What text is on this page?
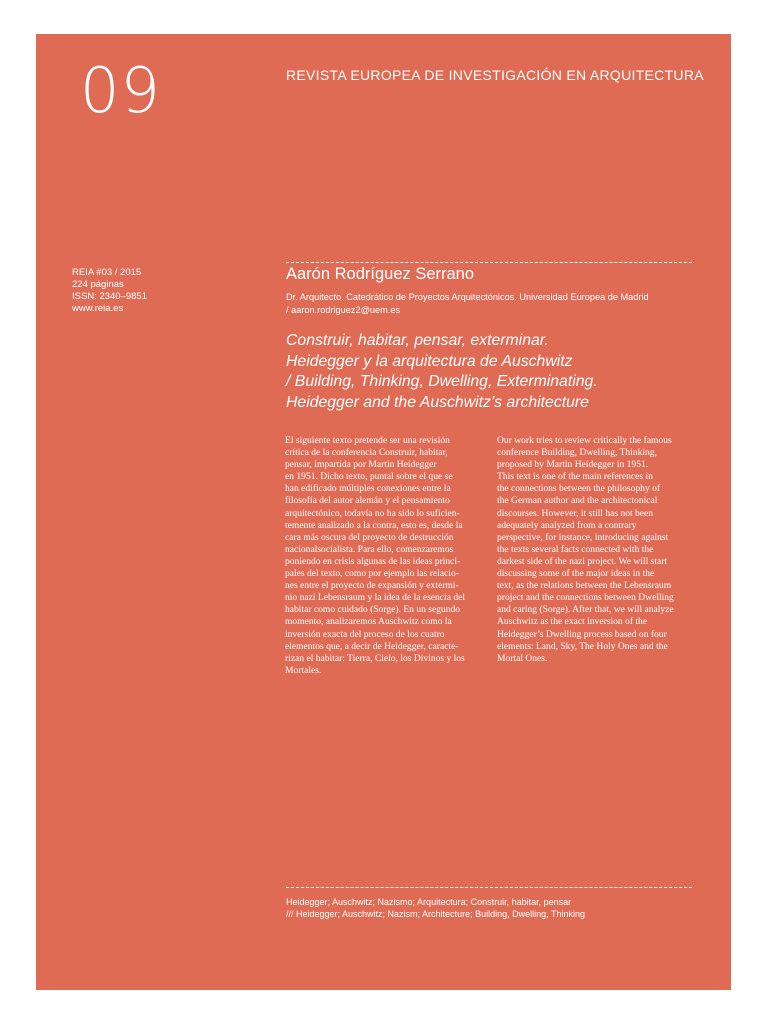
09	REVISTA EUROPEA DE INVESTIGACIÓN EN ARQUITECTURA
REIA #03 / 2015
224 páginas
ISSN: 2340–9851
www.reia.es
Aarón Rodríguez Serrano
Dr. Arquitecto. Catedrático de Proyectos Arquitectónicos. Universidad Europea de Madrid
/ aaron.rodriguez2@uem.es
Construir, habitar, pensar, exterminar.
Heidegger y la arquitectura de Auschwitz
/ Building, Thinking, Dwelling, Exterminating.
Heidegger and the Auschwitz’s architecture
El siguiente texto pretende ser una revisión
crítica de la conferencia Construir, habitar,
pensar, impartida por Martin Heidegger
en 1951. Dicho texto, puntal sobre el que se
han edificado múltiples conexiones entre la
filosofía del autor alemán y el pensamiento
arquitectónico, todavía no ha sido lo suficien-
temente analizado a la contra, esto es, desde la
cara más oscura del proyecto de destrucción
nacionalsocialista. Para ello, comenzaremos
poniendo en crisis algunas de las ideas princi-
pales del texto, como por ejemplo las relacio-
nes entre el proyecto de expansión y extermi-
nio nazi Lebensraum y la idea de la esencia del
habitar como cuidado (Sorge). En un segundo
momento, analizaremos Auschwitz como la
inversión exacta del proceso de los cuatro
elementos que, a decir de Heidegger, caracte-
rizan el habitar: Tierra, Cielo, los Divinos y los
Mortales.
Our work tries to review critically the famous
conference Building, Dwelling, Thinking,
proposed by Martin Heidegger in 1951.
This text is one of the main references in
the connections between the philosophy of
the German author and the architectonical
discourses. However, it still has not been
adequately analyzed from a contrary
perspective, for instance, introducing against
the texts several facts connected with the
darkest side of the nazi project. We will start
discussing some of the major ideas in the
text, as the relations between the Lebensraum
project and the connections between Dwelling
and caring (Sorge). After that, we will analyze
Auschwitz as the exact inversion of the
Heidegger’s Dwelling process based on four
elements: Land, Sky, The Holy Ones and the
Mortal Ones.
Heidegger; Auschwitz; Nazismo; Arquitectura; Construir, habitar, pensar
/// Heidegger; Auschwitz; Nazism; Architecture; Building, Dwelling, Thinking
